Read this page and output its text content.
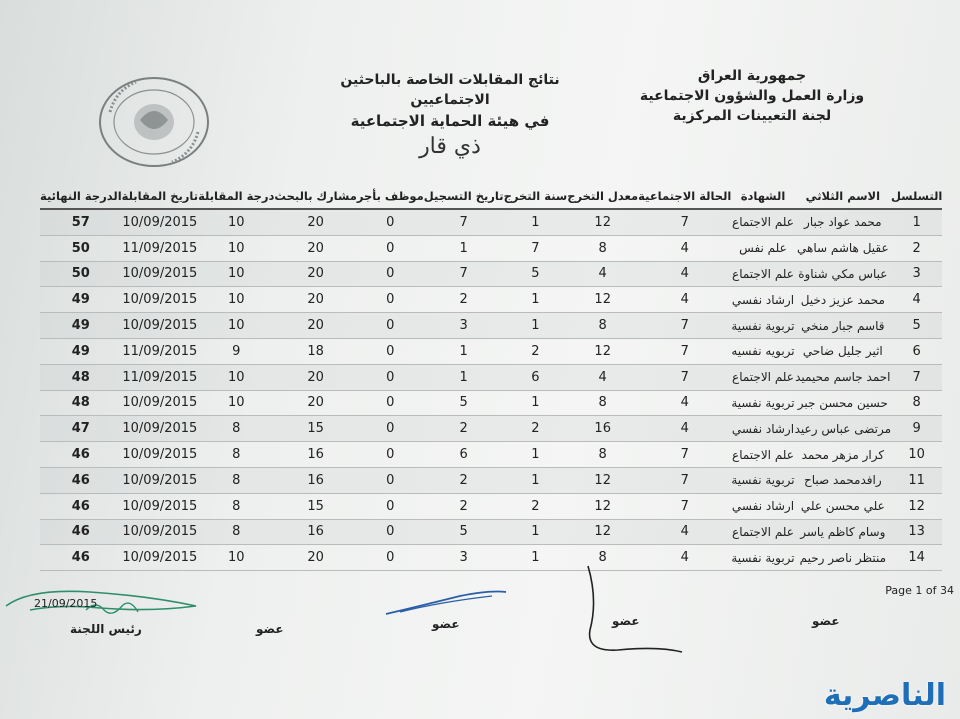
جمهورية العراق
وزارة العمل والشؤون الاجتماعية
لجنة التعيينات المركزية
نتائج المقابلات الخاصة بالباحثين الاجتماعيين
في هيئة الحماية الاجتماعية
ذي قار
الدرجة النهائية	تاريخ المقابلة	درجة المقابلة	مشارك بالبحث	موظف بأجر	تاريخ التسجيل	سنة التخرج	معدل التخرج	الحالة الاجتماعية	الشهادة	الاسم الثلاثي	التسلسل
57	10/09/2015	10	20	0	7	1	12	7	علم الاجتماع	محمد عواد جبار	1
50	11/09/2015	10	20	0	1	7	8	4	علم نفس	عقيل هاشم ساهي	2
50	10/09/2015	10	20	0	7	5	4	4	علم الاجتماع	عباس مكي شناوة	3
49	10/09/2015	10	20	0	2	1	12	4	ارشاد نفسي	محمد عزيز دخيل	4
49	10/09/2015	10	20	0	3	1	8	7	تربوية نفسية	قاسم جبار منخي	5
49	11/09/2015	9	18	0	1	2	12	7	تربويه نفسيه	اثير جليل ضاحي	6
48	11/09/2015	10	20	0	1	6	4	7	علم الاجتماع	احمد جاسم محيميد	7
48	10/09/2015	10	20	0	5	1	8	4	تربوية نفسية	حسين محسن جبر	8
47	10/09/2015	8	15	0	2	2	16	4	ارشاد نفسي	مرتضى عباس رعيد	9
46	10/09/2015	8	16	0	6	1	8	7	علم الاجتماع	كرار مزهر محمد	10
46	10/09/2015	8	16	0	2	1	12	7	تربوية نفسية	رافدمحمد صباح	11
46	10/09/2015	8	15	0	2	2	12	7	ارشاد نفسي	علي محسن علي	12
46	10/09/2015	8	16	0	5	1	12	4	علم الاجتماع	وسام كاظم ياسر	13
46	10/09/2015	10	20	0	3	1	8	4	تربوية نفسية	منتظر ناصر رحيم	14
Page 1 of 34
21/09/2015
رئيس اللجنة	عضو	عضو	عضو	عضو
الناصرية
